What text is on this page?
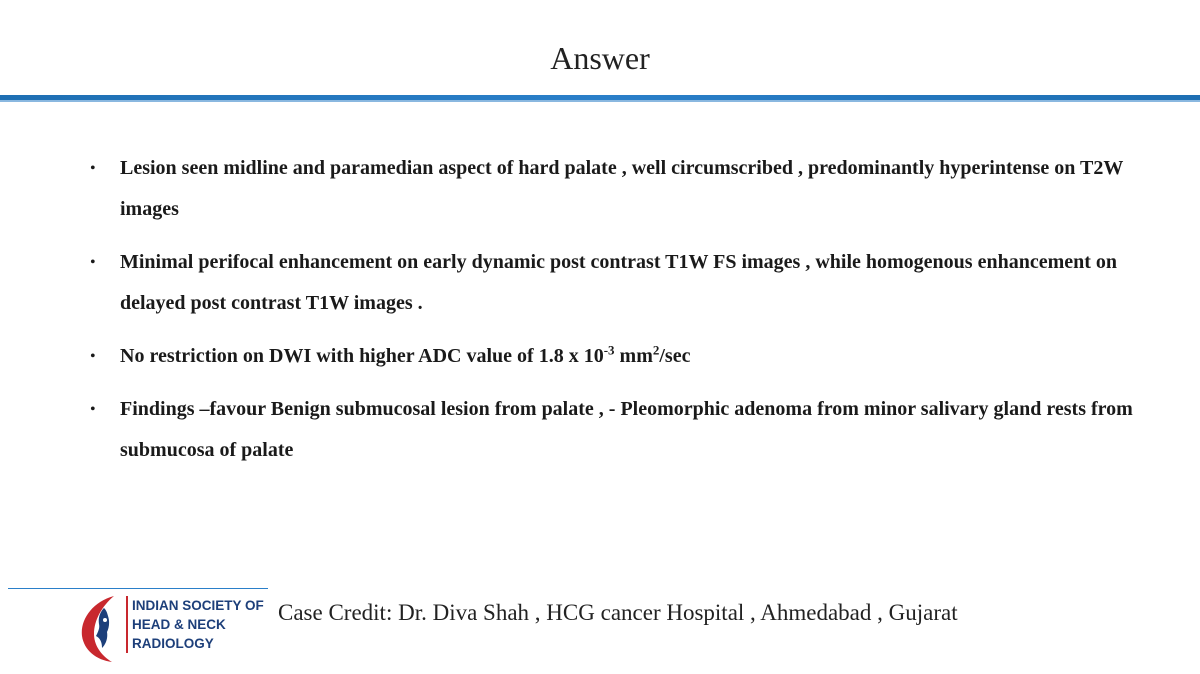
Answer
• Lesion seen midline and paramedian aspect of hard palate , well circumscribed , predominantly hyperintense on T2W images
• Minimal perifocal enhancement on early dynamic post contrast T1W FS images , while homogenous enhancement on delayed post contrast T1W images .
• No restriction on DWI with higher ADC value of 1.8 x $10^{-3}$ $mm^2/\sec$
• Findings –favour Benign submucosal lesion from palate , - Pleomorphic adenoma from minor salivary gland rests from submucosa of palate
INDIAN SOCIETY OF
HEAD & NECK
RADIOLOGY
Case Credit: Dr. Diva Shah , HCG cancer Hospital , Ahmedabad , Gujarat
